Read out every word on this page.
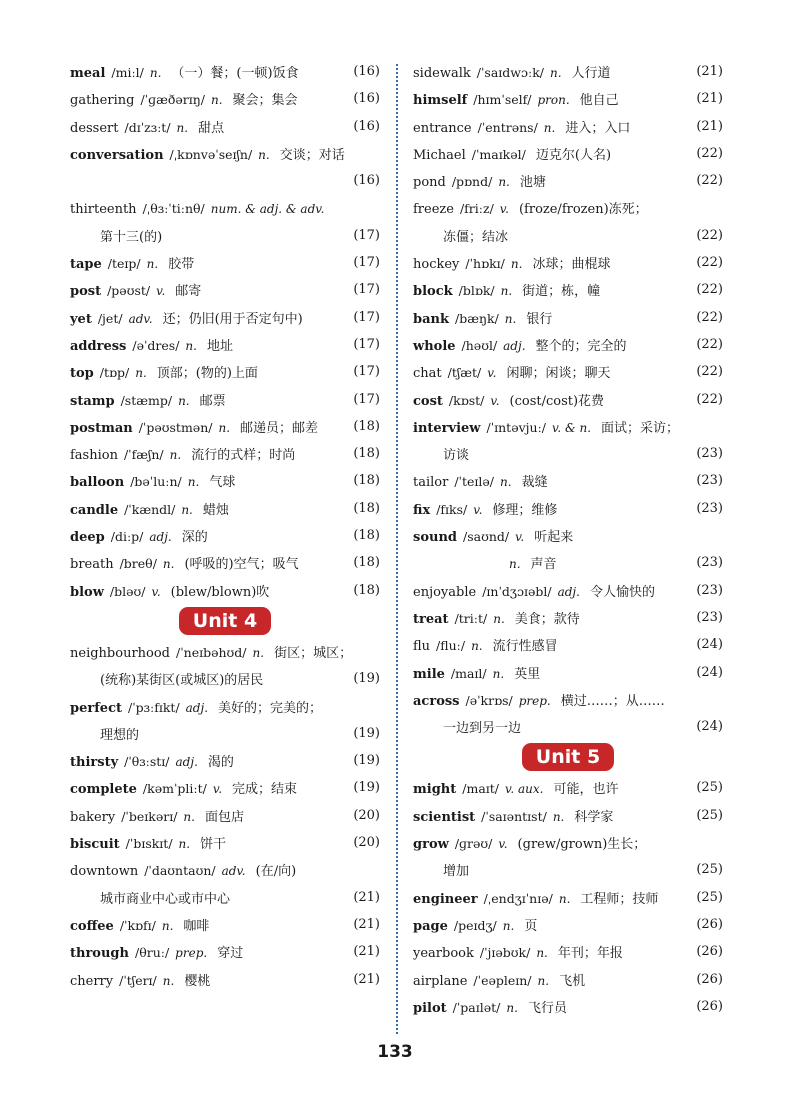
meal /miːl/ n. （一）餐；(一顿)饭食	(16)
gathering /ˈɡæðərɪŋ/ n. 聚会；集会	(16)
dessert /dɪˈzɜːt/ n. 甜点	(16)
conversation /ˌkɒnvəˈseɪʃn/ n. 交谈；对话
(16)
thirteenth /ˌθɜːˈtiːnθ/ num. & adj. & adv.
第十三(的)	(17)
tape /teɪp/ n. 胶带	(17)
post /pəʊst/ v. 邮寄	(17)
yet /jet/ adv. 还；仍旧(用于否定句中)	(17)
address /əˈdres/ n. 地址	(17)
top /tɒp/ n. 顶部；(物的)上面	(17)
stamp /stæmp/ n. 邮票	(17)
postman /ˈpəʊstmən/ n. 邮递员；邮差	(18)
fashion /ˈfæʃn/ n. 流行的式样；时尚	(18)
balloon /bəˈluːn/ n. 气球	(18)
candle /ˈkændl/ n. 蜡烛	(18)
deep /diːp/ adj. 深的	(18)
breath /breθ/ n. (呼吸的)空气；吸气	(18)
blow /bləʊ/ v. (blew/blown)吹	(18)
Unit 4
neighbourhood /ˈneɪbəhʊd/ n. 街区；城区；
(统称)某街区(或城区)的居民	(19)
perfect /ˈpɜːfɪkt/ adj. 美好的；完美的；
理想的	(19)
thirsty /ˈθɜːstɪ/ adj. 渴的	(19)
complete /kəmˈpliːt/ v. 完成；结束	(19)
bakery /ˈbeɪkərɪ/ n. 面包店	(20)
biscuit /ˈbɪskɪt/ n. 饼干	(20)
downtown /ˈdaʊntaʊn/ adv. (在/向)
城市商业中心或市中心	(21)
coffee /ˈkɒfɪ/ n. 咖啡	(21)
through /θruː/ prep. 穿过	(21)
cherry /ˈtʃerɪ/ n. 樱桃	(21)
sidewalk /ˈsaɪdwɔːk/ n. 人行道	(21)
himself /hɪmˈself/ pron. 他自己	(21)
entrance /ˈentrəns/ n. 进入；入口	(21)
Michael /ˈmaɪkəl/ 迈克尔(人名)	(22)
pond /pɒnd/ n. 池塘	(22)
freeze /friːz/ v. (froze/frozen)冻死；
冻僵；结冰	(22)
hockey /ˈhɒkɪ/ n. 冰球；曲棍球	(22)
block /blɒk/ n. 街道；栋，幢	(22)
bank /bæŋk/ n. 银行	(22)
whole /həʊl/ adj. 整个的；完全的	(22)
chat /tʃæt/ v. 闲聊；闲谈；聊天	(22)
cost /kɒst/ v. (cost/cost)花费	(22)
interview /ˈɪntəvjuː/ v. & n. 面试；采访；
访谈	(23)
tailor /ˈteɪlə/ n. 裁缝	(23)
fix /fɪks/ v. 修理；维修	(23)
sound /saʊnd/ v. 听起来
n. 声音	(23)
enjoyable /ɪnˈdʒɔɪəbl/ adj. 令人愉快的	(23)
treat /triːt/ n. 美食；款待	(23)
flu /fluː/ n. 流行性感冒	(24)
mile /maɪl/ n. 英里	(24)
across /əˈkrɒs/ prep. 横过……；从……
一边到另一边	(24)
Unit 5
might /maɪt/ v. aux. 可能，也许	(25)
scientist /ˈsaɪəntɪst/ n. 科学家	(25)
grow /ɡrəʊ/ v. (grew/grown)生长；
增加	(25)
engineer /ˌendʒɪˈnɪə/ n. 工程师；技师	(25)
page /peɪdʒ/ n. 页	(26)
yearbook /ˈjɪəbʊk/ n. 年刊；年报	(26)
airplane /ˈeəpleɪn/ n. 飞机	(26)
pilot /ˈpaɪlət/ n. 飞行员	(26)
133
